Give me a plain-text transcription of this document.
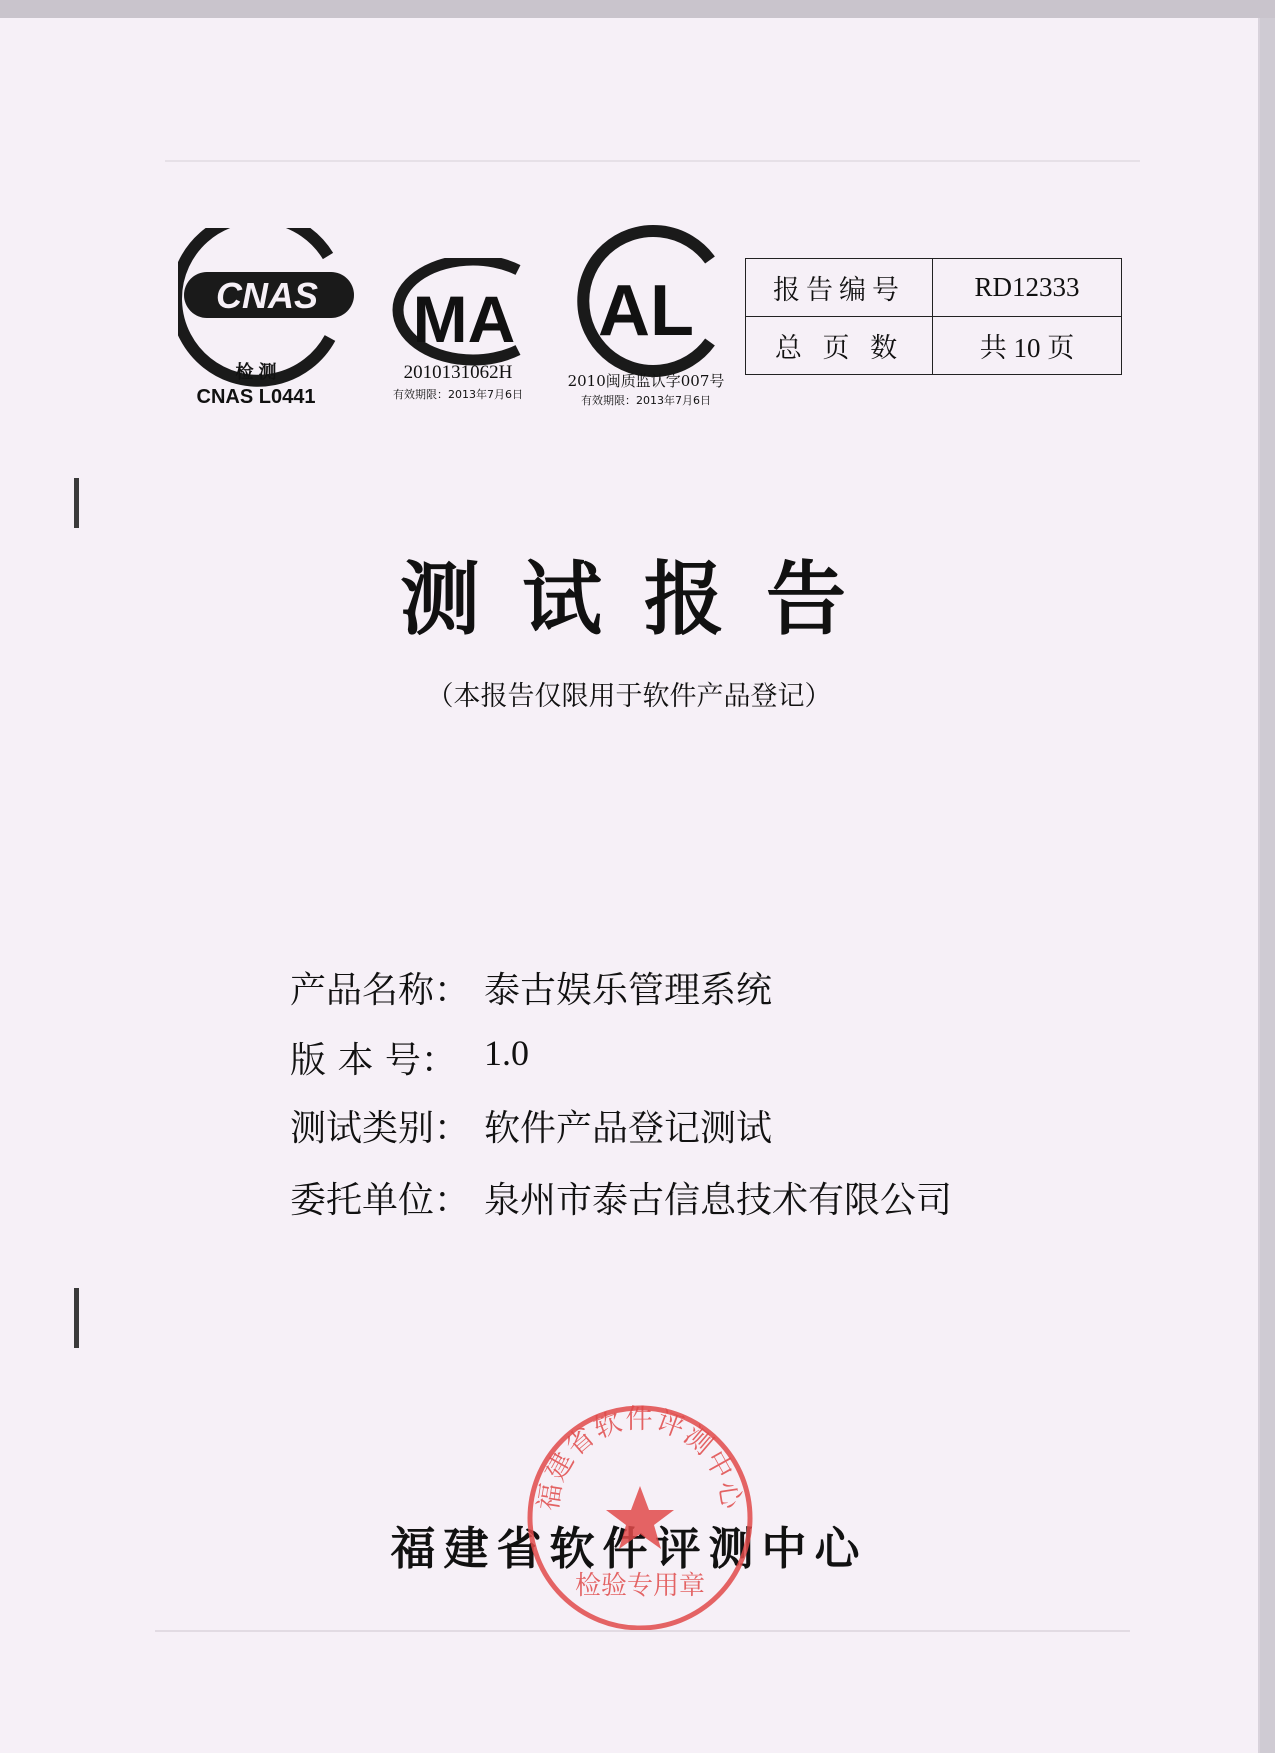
CNAS
检 测
CNAS L0441
MA
2010131062H
有效期限：2013年7月6日
AL
2010闽质监认字007号
有效期限：2013年7月6日
报告编号	RD12333
总 页 数	共 10 页
测试报告
（本报告仅限用于软件产品登记）
产品名称： 泰古娱乐管理系统
版 本 号： 1.0
测试类别： 软件产品登记测试
委托单位： 泉州市泰古信息技术有限公司
福建省软件评测中心
福建省软件评测中心
检验专用章
